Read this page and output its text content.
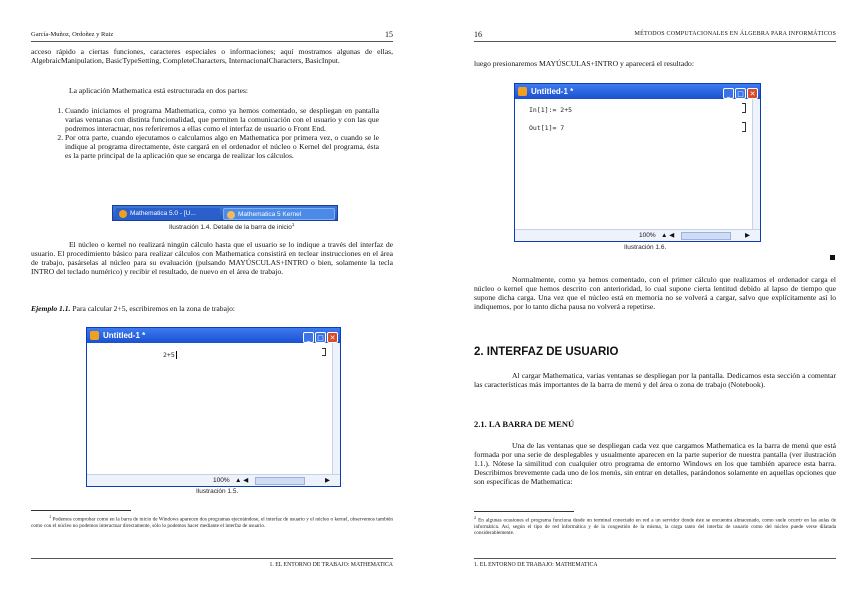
García-Muñoz, Ordoñez y Ruiz	15

acceso rápido a ciertas funciones, caracteres especiales o informaciones; aquí mostramos algunas de ellas, AlgebraicManipulation, BasicTypeSetting, CompleteCharacters, InternacionalCharacters, BasicInput.

La aplicación Mathematica está estructurada en dos partes:

1. Cuando iniciamos el programa Mathematica, como ya hemos comentado, se despliegan en pantalla varias ventanas con distinta funcionalidad, que permiten la comunicación con el usuario y con las que podremos interactuar, nos referiremos a ellas como el interfaz de usuario o Front End.
2. Por otra parte, cuando ejecutamos o calculamos algo en Mathematica por primera vez, o cuando se le indique al programa directamente, éste cargará en el ordenador el núcleo o Kernel del programa, ésta es la parte principal de la aplicación que se encarga de realizar los cálculos.
Mathematica 5.0 - [U...	Mathematica 5 Kernel
Ilustración 1.4. Detalle de la barra de inicio$^1$

El núcleo o kernel no realizará ningún cálculo hasta que el usuario se lo indique a través del interfaz de usuario. El procedimiento básico para realizar cálculos con Mathematica consistirá en teclear instrucciones en el área de trabajo, pasárselas al núcleo para su evaluación (pulsando MAYÚSCULAS+INTRO o bien, solamente la tecla INTRO del teclado numérico) y recibir el resultado, de nuevo en el área de trabajo.

Ejemplo 1.1. Para calcular 2+5, escribiremos en la zona de trabajo:

Untitled-1 *	_ □ ✕
2+5
100% ▲ ◀	▶
Ilustración 1.5.

$^1$ Podemos comprobar como en la barra de inicio de Windows aparecen dos programas ejecutándose, el interfaz de usuario y el núcleo o kernel, observemos también como con el núcleo no podemos interactuar directamente, sólo lo podemos hacer mediante el interfaz de usuario.

1. EL ENTORNO DE TRABAJO: MATHEMATICA
16	MÉTODOS COMPUTACIONALES EN ÁLGEBRA PARA INFORMÁTICOS

luego presionaremos MAYÚSCULAS+INTRO y aparecerá el resultado:

Untitled-1 *	_ □ ✕
In[1]:= 2+5
Out[1]= 7
100% ▲ ◀	▶
Ilustración 1.6.

Normalmente, como ya hemos comentado, con el primer cálculo que realizamos el ordenador carga el núcleo o kernel que hemos descrito con anterioridad, lo cual supone cierta lentitud debido al lapso de tiempo que supone dicha carga. Una vez que el núcleo está en memoria no se volverá a cargar, salvo que explícitamente así lo indiquemos, por lo tanto dicha pausa no volverá a repetirse.

2. INTERFAZ DE USUARIO

Al cargar Mathematica, varias ventanas se despliegan por la pantalla. Dedicamos esta sección a comentar las características más importantes de la barra de menú y del área o zona de trabajo (Notebook).

2.1. LA BARRA DE MENÚ

Una de las ventanas que se despliegan cada vez que cargamos Mathematica es la barra de menú que está formada por una serie de desplegables y usualmente aparecen en la parte superior de nuestra pantalla (ver ilustración 1.1.). Nótese la similitud con cualquier otro programa de entorno Windows en los que también aparece esta barra. Describimos brevemente cada uno de los menús, sin entrar en detalles, parándonos solamente en aquellas opciones que son específicas de Mathematica:

$^2$ En algunas ocasiones el programa funciona desde un terminal conectado en red a un servidor donde éste se encuentra almacenado, como suele ocurrir en las aulas de informática. Así, según el tipo de red informática y de la congestión de la misma, la carga tanto del interfaz de usuario como del núcleo puede verse dilatada considerablemente.

1. EL ENTORNO DE TRABAJO: MATHEMATICA
